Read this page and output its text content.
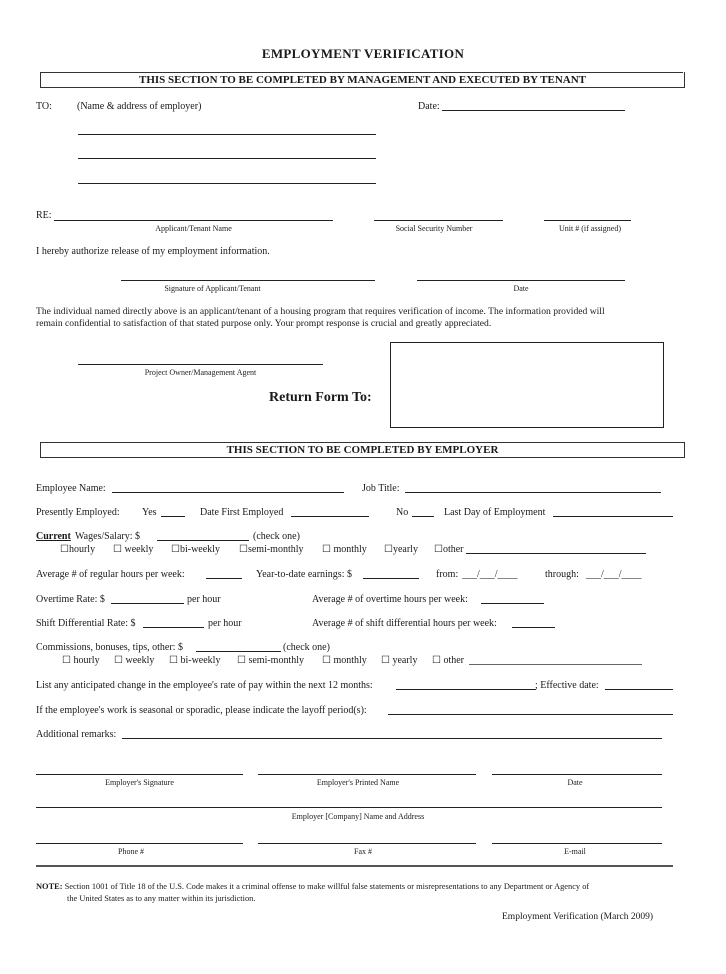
EMPLOYMENT VERIFICATION
THIS SECTION TO BE COMPLETED BY MANAGEMENT AND EXECUTED BY TENANT
TO:	(Name & address of employer)	Date:
RE:
Applicant/Tenant Name	Social Security Number	Unit # (if assigned)
I hereby authorize release of my employment information.
Signature of Applicant/Tenant	Date
The individual named directly above is an applicant/tenant of a housing program that requires verification of income. The information provided will
remain confidential to satisfaction of that stated purpose only. Your prompt response is crucial and greatly appreciated.
Project Owner/Management Agent
Return Form To:
THIS SECTION TO BE COMPLETED BY EMPLOYER
Employee Name:	Job Title:
Presently Employed: Yes	Date First Employed	No	Last Day of Employment
Current Wages/Salary: $	(check one)
☐hourly ☐ weekly ☐bi-weekly ☐semi-monthly ☐ monthly ☐yearly ☐other
Average # of regular hours per week:	Year-to-date earnings: $	from: ___/___/____	through: ___/___/____
Overtime Rate: $	per hour	Average # of overtime hours per week:
Shift Differential Rate: $	per hour	Average # of shift differential hours per week:
Commissions, bonuses, tips, other: $	(check one)
☐ hourly ☐ weekly ☐ bi-weekly ☐ semi-monthly ☐ monthly ☐ yearly ☐ other
List any anticipated change in the employee's rate of pay within the next 12 months:	; Effective date:
If the employee's work is seasonal or sporadic, please indicate the layoff period(s):
Additional remarks:
Employer's Signature	Employer's Printed Name	Date
Employer [Company] Name and Address
Phone #	Fax #	E-mail
NOTE: Section 1001 of Title 18 of the U.S. Code makes it a criminal offense to make willful false statements or misrepresentations to any Department or Agency of
the United States as to any matter within its jurisdiction.
Employment Verification (March 2009)
